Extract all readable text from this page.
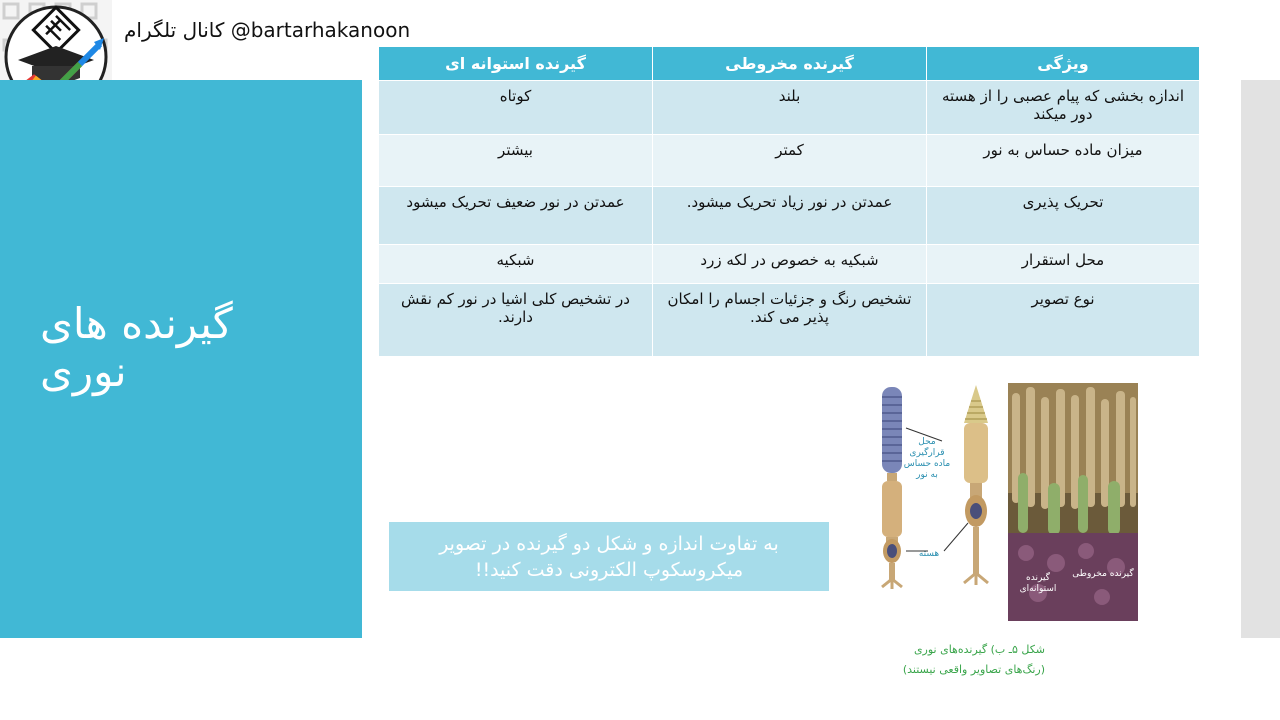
کانال تلگرام @bartarhakanoon
گیرنده های
نوری
ویژگی	گیرنده مخروطی	گیرنده استوانه ای
اندازه بخشی که پیام عصبی را از هسته دور میکند	بلند	کوتاه
میزان ماده حساس به نور	کمتر	بیشتر
تحریک پذیری	عمدتن در نور زیاد تحریک میشود.	عمدتن در نور ضعیف تحریک میشود
محل استقرار	شبکیه به خصوص در لکه زرد	شبکیه
نوع تصویر	تشخیص رنگ و جزئیات اجسام را امکان پذیر می کند.	در تشخیص کلی اشیا در نور کم نقش دارند.
به تفاوت اندازه و شکل دو گیرنده در تصویر میکروسکوپ الکترونی دقت کنید!!
محل قرارگیری ماده حساس به نور
هسته
گیرنده مخروطی
گیرنده استوانه‌ای
شکل ۵ـ ب) گیرنده‌های نوری
(رنگ‌های تصاویر واقعی نیستند)
